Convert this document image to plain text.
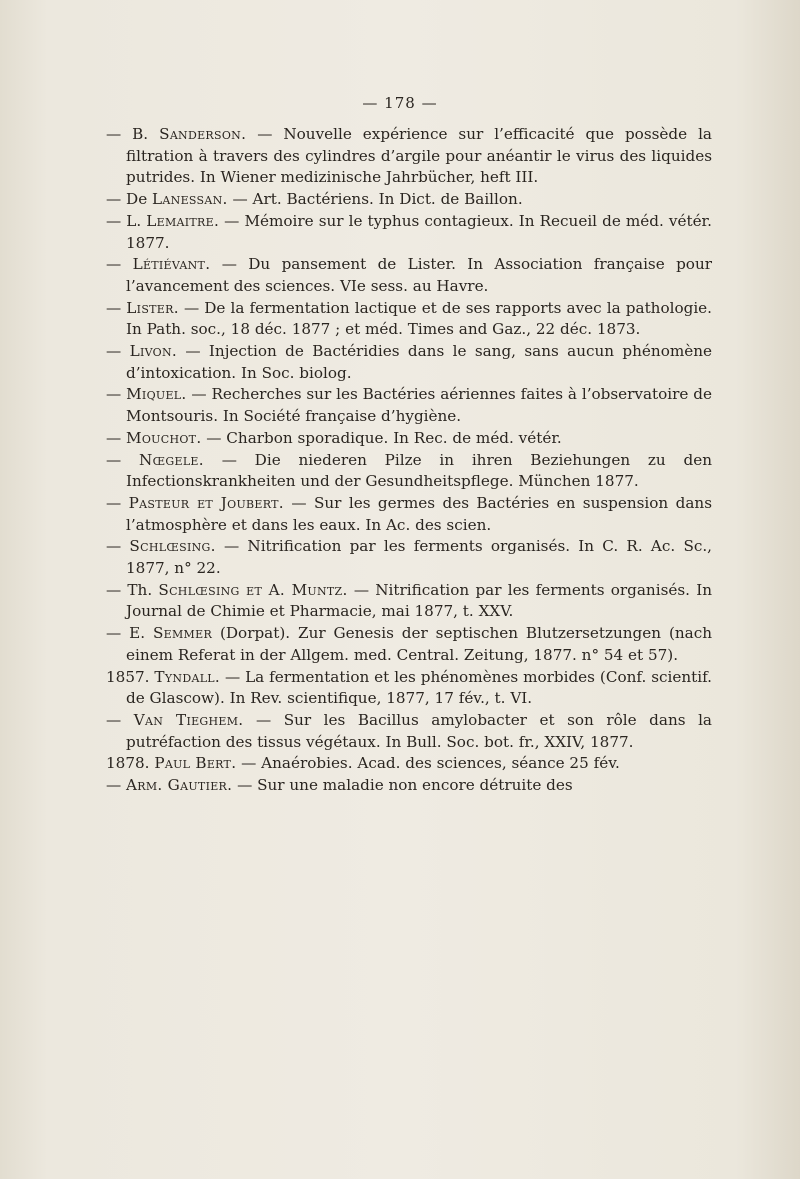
— 178 —
— B. Sanderson. — Nouvelle expérience sur l’efficacité que possède la filtration à travers des cylindres d’argile pour anéantir le virus des liquides putrides. In Wiener medizinische Jahrbücher, heft III.
— De Lanessan. — Art. Bactériens. In Dict. de Baillon.
— L. Lemaitre. — Mémoire sur le typhus contagieux. In Recueil de méd. vétér. 1877.
— Létiévant. — Du pansement de Lister. In Association française pour l’avancement des sciences. VIe sess. au Havre.
— Lister. — De la fermentation lactique et de ses rapports avec la pathologie. In Path. soc., 18 déc. 1877 ; et méd. Times and Gaz., 22 déc. 1873.
— Livon. — Injection de Bactéridies dans le sang, sans aucun phénomène d’intoxication. In Soc. biolog.
— Miquel. — Recherches sur les Bactéries aériennes faites à l’observatoire de Montsouris. In Société française d’hygiène.
— Mouchot. — Charbon sporadique. In Rec. de méd. vétér.
— Nœgele. — Die niederen Pilze in ihren Beziehungen zu den Infectionskrankheiten und der Gesundheitspflege. München 1877.
— Pasteur et Joubert. — Sur les germes des Bactéries en suspension dans l’atmosphère et dans les eaux. In Ac. des scien.
— Schlœsing. — Nitrification par les ferments organisés. In C. R. Ac. Sc., 1877, n° 22.
— Th. Schlœsing et A. Muntz. — Nitrification par les ferments organisés. In Journal de Chimie et Pharmacie, mai 1877, t. XXV.
— E. Semmer (Dorpat). Zur Genesis der septischen Blutzersetzungen (nach einem Referat in der Allgem. med. Central. Zeitung, 1877. n° 54 et 57).
1857. Tyndall. — La fermentation et les phénomènes morbides (Conf. scientif. de Glascow). In Rev. scientifique, 1877, 17 fév., t. VI.
— Van Tieghem. — Sur les Bacillus amylobacter et son rôle dans la putréfaction des tissus végétaux. In Bull. Soc. bot. fr., XXIV, 1877.
1878. Paul Bert. — Anaérobies. Acad. des sciences, séance 25 fév.
— Arm. Gautier. — Sur une maladie non encore détruite des
